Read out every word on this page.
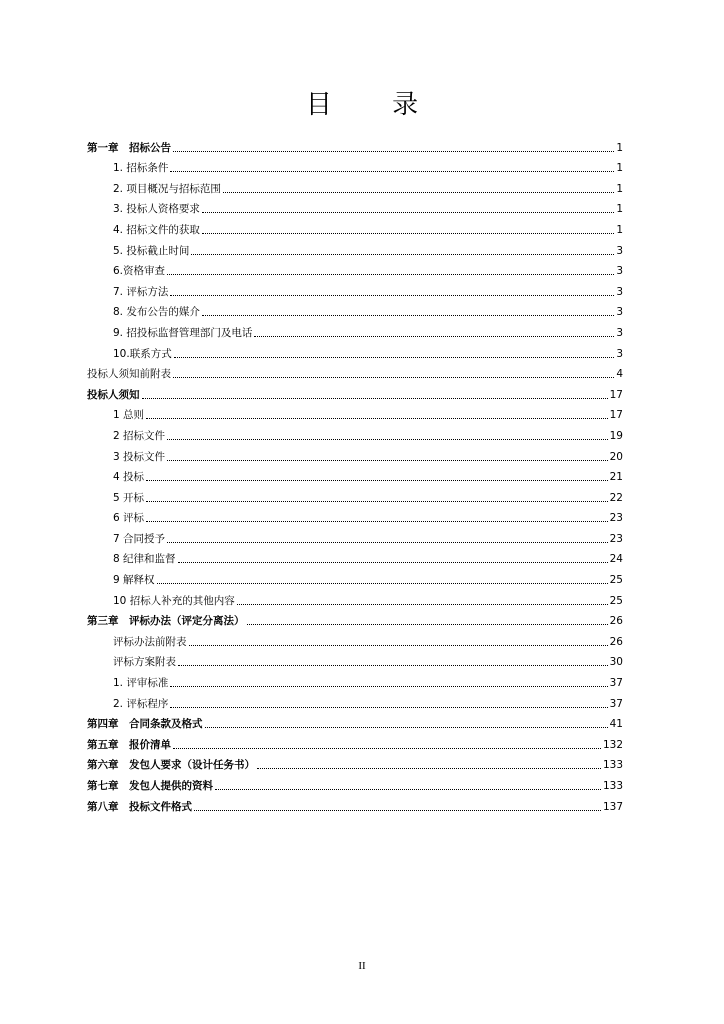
目 录
第一章　招标公告	1
1. 招标条件	1
2. 项目概况与招标范围	1
3. 投标人资格要求	1
4. 招标文件的获取	1
5. 投标截止时间	3
6.资格审查	3
7. 评标方法	3
8. 发布公告的媒介	3
9. 招投标监督管理部门及电话	3
10.联系方式	3
投标人须知前附表	4
投标人须知	17
1 总则	17
2 招标文件	19
3 投标文件	20
4 投标	21
5 开标	22
6 评标	23
7 合同授予	23
8 纪律和监督	24
9 解释权	25
10 招标人补充的其他内容	25
第三章　评标办法（评定分离法）	26
评标办法前附表	26
评标方案附表	30
1. 评审标准	37
2. 评标程序	37
第四章　合同条款及格式	41
第五章　报价清单	132
第六章　发包人要求（设计任务书）	133
第七章　发包人提供的资料	133
第八章　投标文件格式	137
II
